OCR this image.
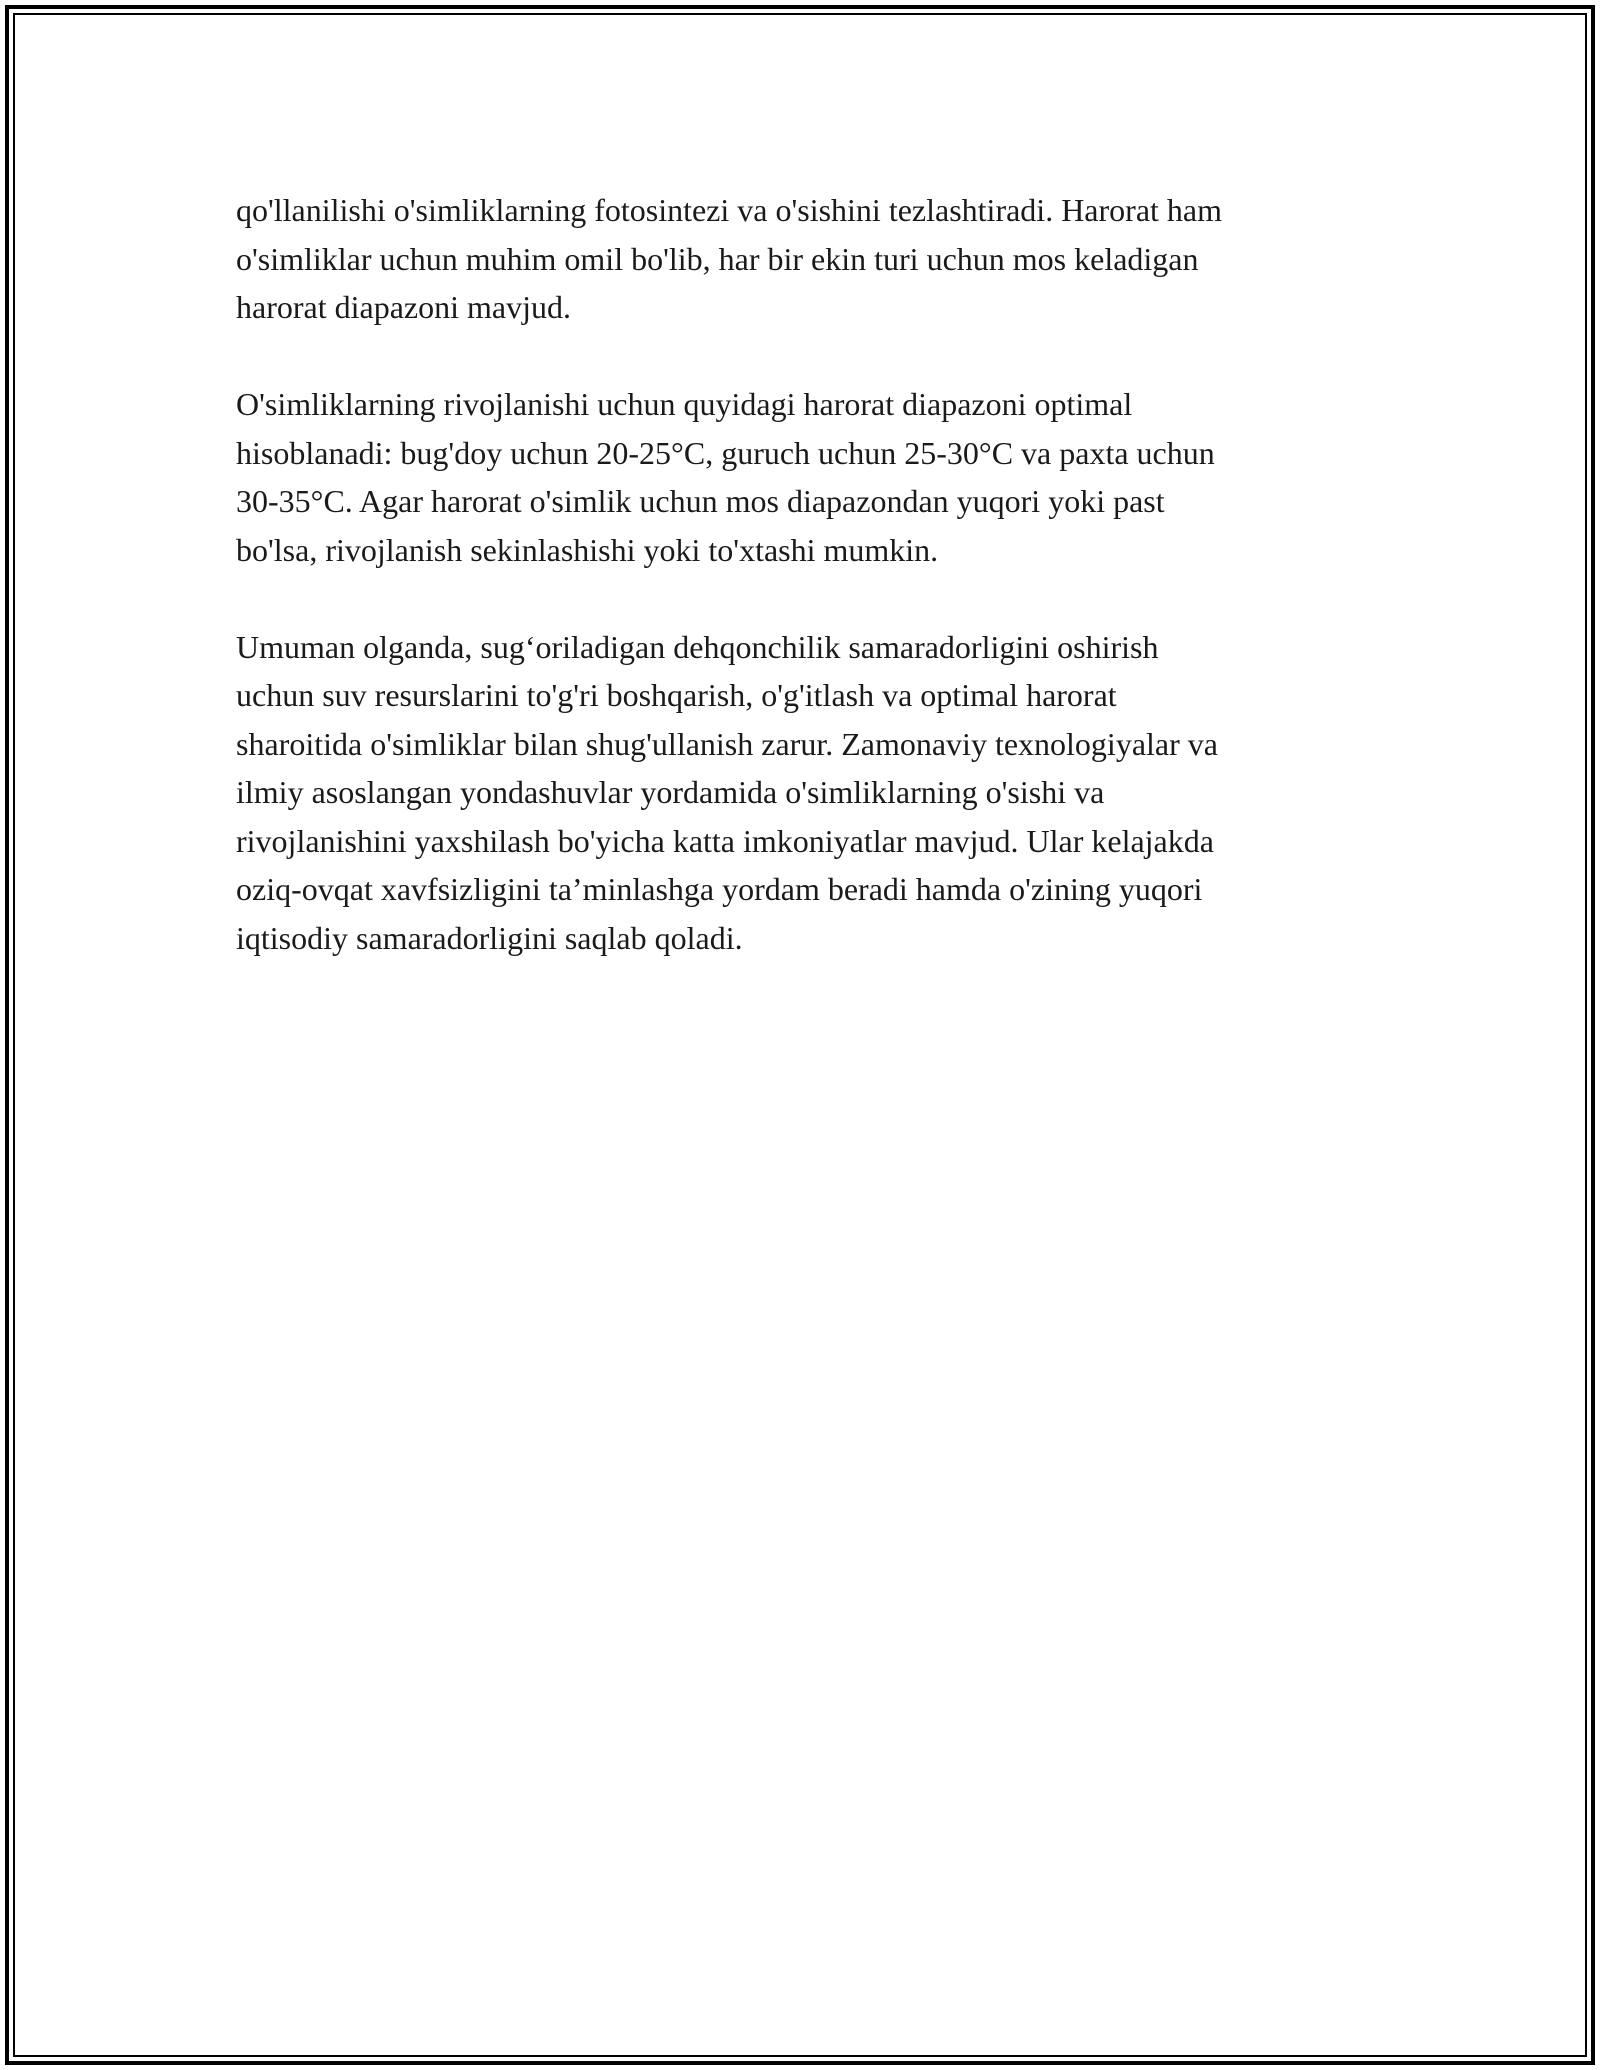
qo'llanilishi o'simliklarning fotosintezi va o'sishini tezlashtiradi. Harorat ham
o'simliklar uchun muhim omil bo'lib, har bir ekin turi uchun mos keladigan
harorat diapazoni mavjud.

O'simliklarning rivojlanishi uchun quyidagi harorat diapazoni optimal
hisoblanadi: bug'doy uchun 20-25°C, guruch uchun 25-30°C va paxta uchun
30-35°C. Agar harorat o'simlik uchun mos diapazondan yuqori yoki past
bo'lsa, rivojlanish sekinlashishi yoki to'xtashi mumkin.

Umuman olganda, sug‘oriladigan dehqonchilik samaradorligini oshirish
uchun suv resurslarini to'g'ri boshqarish, o'g'itlash va optimal harorat
sharoitida o'simliklar bilan shug'ullanish zarur. Zamonaviy texnologiyalar va
ilmiy asoslangan yondashuvlar yordamida o'simliklarning o'sishi va
rivojlanishini yaxshilash bo'yicha katta imkoniyatlar mavjud. Ular kelajakda
oziq-ovqat xavfsizligini ta’minlashga yordam beradi hamda o'zining yuqori
iqtisodiy samaradorligini saqlab qoladi.
